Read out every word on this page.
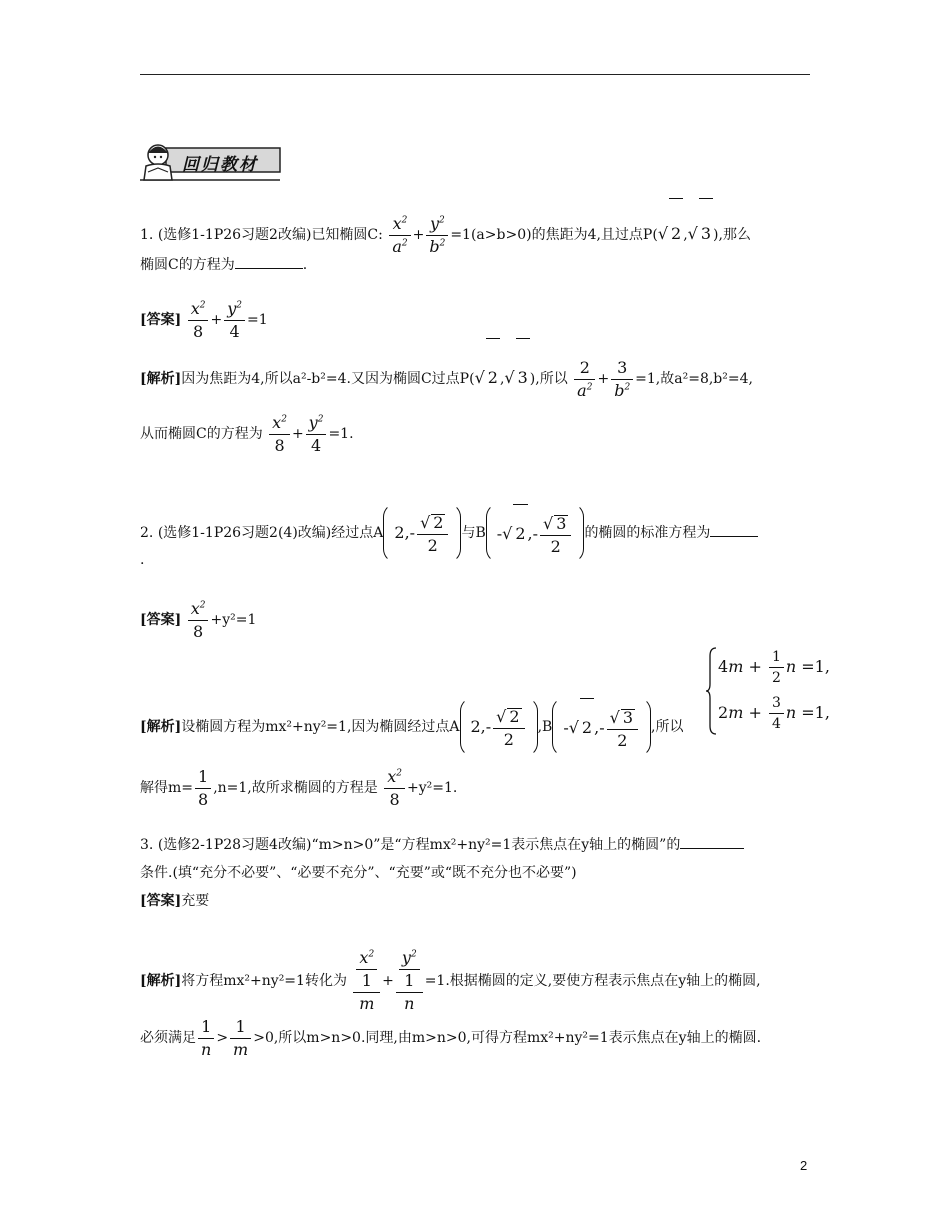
回归教材
1. (选修1-1P26习题2改编)已知椭圆C: $\frac{x^2}{a^2} + \frac{y^2}{b^2} =1(a>b>0)$的焦距为4,且过点P(√ 2 ,√ 3 ),那么
椭圆C的方程为	.
[答案] $\frac{x^2}{8} + \frac{y^2}{4} =1$
[解析]因为焦距为4,所以a²-b²=4.又因为椭圆C过点P(√ 2 ,√ 3 ),所以 $\frac{2}{a^2} + \frac{3}{b^2} =1$,故a²=8,b²=4,
从而椭圆C的方程为 $\frac{x^2}{8} + \frac{y^2}{4} =1$.
2. (选修1-1P26习题2(4)改编)经过点A $2,- \frac{√ 2}{2}$ 与B -√ 2 ,- $\frac{√ 3}{2}$ 的椭圆的标准方程为
.
[答案] $\frac{x^2}{8} +y^2=1$
[解析]设椭圆方程为mx²+ny²=1,因为椭圆经过点A $2,- \frac{√ 2}{2} ,B$ -√ 2 ,- $\frac{√ 3}{2}$ ,所以
$4m + \frac{1}{2}$ n =1,
$2m + \frac{3}{4}$ n =1,
解得$m= \frac{1}{8} ,n=1$,故所求椭圆的方程是 $\frac{x^2}{8} +y^2=1$.
3. (选修2-1P28习题4改编)“m>n>0”是“方程mx²+ny²=1表示焦点在y轴上的椭圆”的
条件.(填“充分不必要”、“必要不充分”、“充要”或“既不充分也不必要”)
[答案]充要
[解析]将方程mx²+ny²=1转化为 $\frac{\frac{x^2}{1}}{m} + \frac{\frac{y^2}{1}}{n} =1$.根据椭圆的定义,要使方程表示焦点在y轴上的椭圆,
必须满足 $\frac{1}{n} > \frac{1}{m} >0$,所以m>n>0.同理,由m>n>0,可得方程mx²+ny²=1表示焦点在y轴上的椭圆.
2
